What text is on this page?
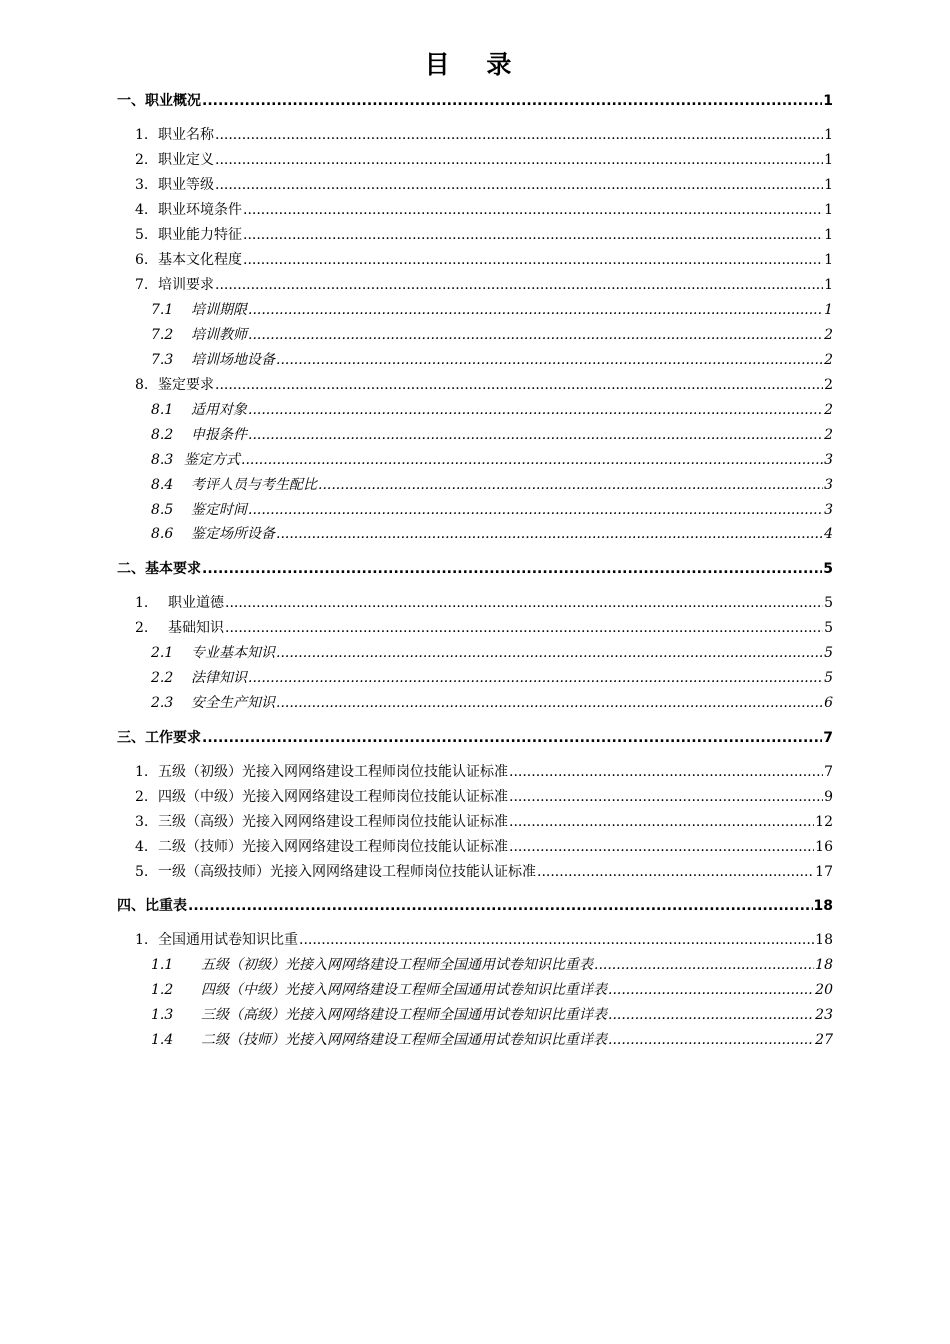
目 录
一、职业概况 .....	1
1. 职业名称 .....	1
2. 职业定义 .....	1
3. 职业等级 .....	1
4. 职业环境条件 .....	1
5. 职业能力特征 .....	1
6. 基本文化程度 .....	1
7. 培训要求 .....	1
7.1	培训期限 .....	1
7.2	培训教师 .....	2
7.3	培训场地设备 .....	2
8. 鉴定要求 .....	2
8.1	适用对象 .....	2
8.2	申报条件 .....	2
8.3 鉴定方式 .....	3
8.4	考评人员与考生配比 .....	3
8.5	鉴定时间 .....	3
8.6	鉴定场所设备 .....	4
二、基本要求 .....	5
1.	职业道德 .....	5
2.	基础知识 .....	5
2.1	专业基本知识 .....	5
2.2	法律知识 .....	5
2.3	安全生产知识 .....	6
三、工作要求 .....	7
1. 五级（初级）光接入网网络建设工程师岗位技能认证标准 .....	7
2. 四级（中级）光接入网网络建设工程师岗位技能认证标准 .....	9
3. 三级（高级）光接入网网络建设工程师岗位技能认证标准 .....	12
4. 二级（技师）光接入网网络建设工程师岗位技能认证标准 .....	16
5. 一级（高级技师）光接入网网络建设工程师岗位技能认证标准 .....	17
四、比重表 .....	18
1. 全国通用试卷知识比重 .....	18
1.1	五级（初级）光接入网网络建设工程师全国通用试卷知识比重表 .....	18
1.2	四级（中级）光接入网网络建设工程师全国通用试卷知识比重详表 .....	20
1.3	三级（高级）光接入网网络建设工程师全国通用试卷知识比重详表 .....	23
1.4	二级（技师）光接入网网络建设工程师全国通用试卷知识比重详表 .....	27
